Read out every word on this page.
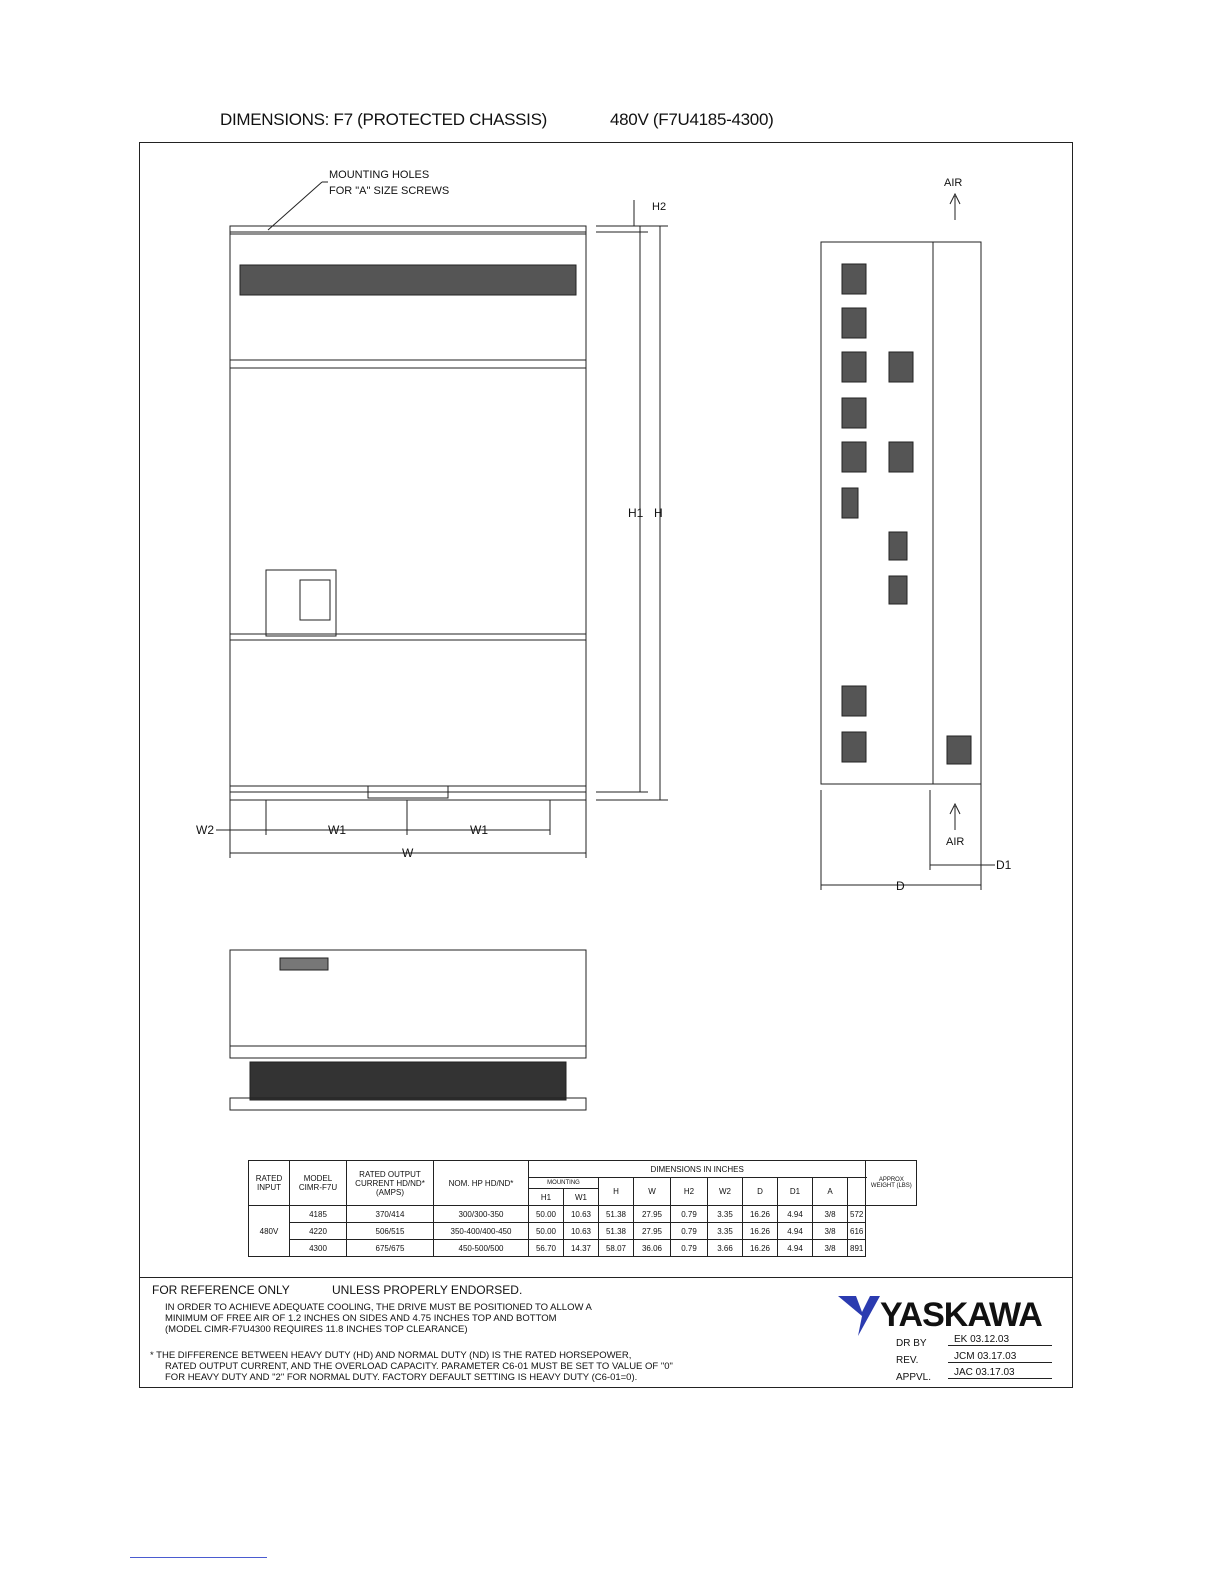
DIMENSIONS: F7 (PROTECTED CHASSIS)	480V (F7U4185-4300)
MOUNTING HOLES
FOR "A" SIZE SCREWS
H2
H1 H
W2	W1	W1
W
AIR
AIR
D
D1
RATED INPUT	MODEL CIMR-F7U	RATED OUTPUT CURRENT HD/ND* (AMPS)	NOM. HP HD/ND*	DIMENSIONS IN INCHES										APPROX WEIGHT (LBS)
				MOUNTING		H	W	H2	W2	D	D1	A		
				H1	W1									
480V	4185	370/414	300/300-350	50.00	10.63	51.38	27.95	0.79	3.35	16.26	4.94	3/8	572	
	4220	506/515	350-400/400-450	50.00	10.63	51.38	27.95	0.79	3.35	16.26	4.94	3/8	616	
	4300	675/675	450-500/500	56.70	14.37	58.07	36.06	0.79	3.66	16.26	4.94	3/8	891	
FOR REFERENCE ONLY	UNLESS PROPERLY ENDORSED.
IN ORDER TO ACHIEVE ADEQUATE COOLING, THE DRIVE MUST BE POSITIONED TO ALLOW A
MINIMUM OF FREE AIR OF 1.2 INCHES ON SIDES AND 4.75 INCHES TOP AND BOTTOM
(MODEL CIMR-F7U4300 REQUIRES 11.8 INCHES TOP CLEARANCE)
* THE DIFFERENCE BETWEEN HEAVY DUTY (HD) AND NORMAL DUTY (ND) IS THE RATED HORSEPOWER,
RATED OUTPUT CURRENT, AND THE OVERLOAD CAPACITY. PARAMETER C6-01 MUST BE SET TO VALUE OF "0"
FOR HEAVY DUTY AND "2" FOR NORMAL DUTY. FACTORY DEFAULT SETTING IS HEAVY DUTY (C6-01=0).
YASKAWA
DR BY	EK 03.12.03
REV.	JCM 03.17.03
APPVL.	JAC 03.17.03
